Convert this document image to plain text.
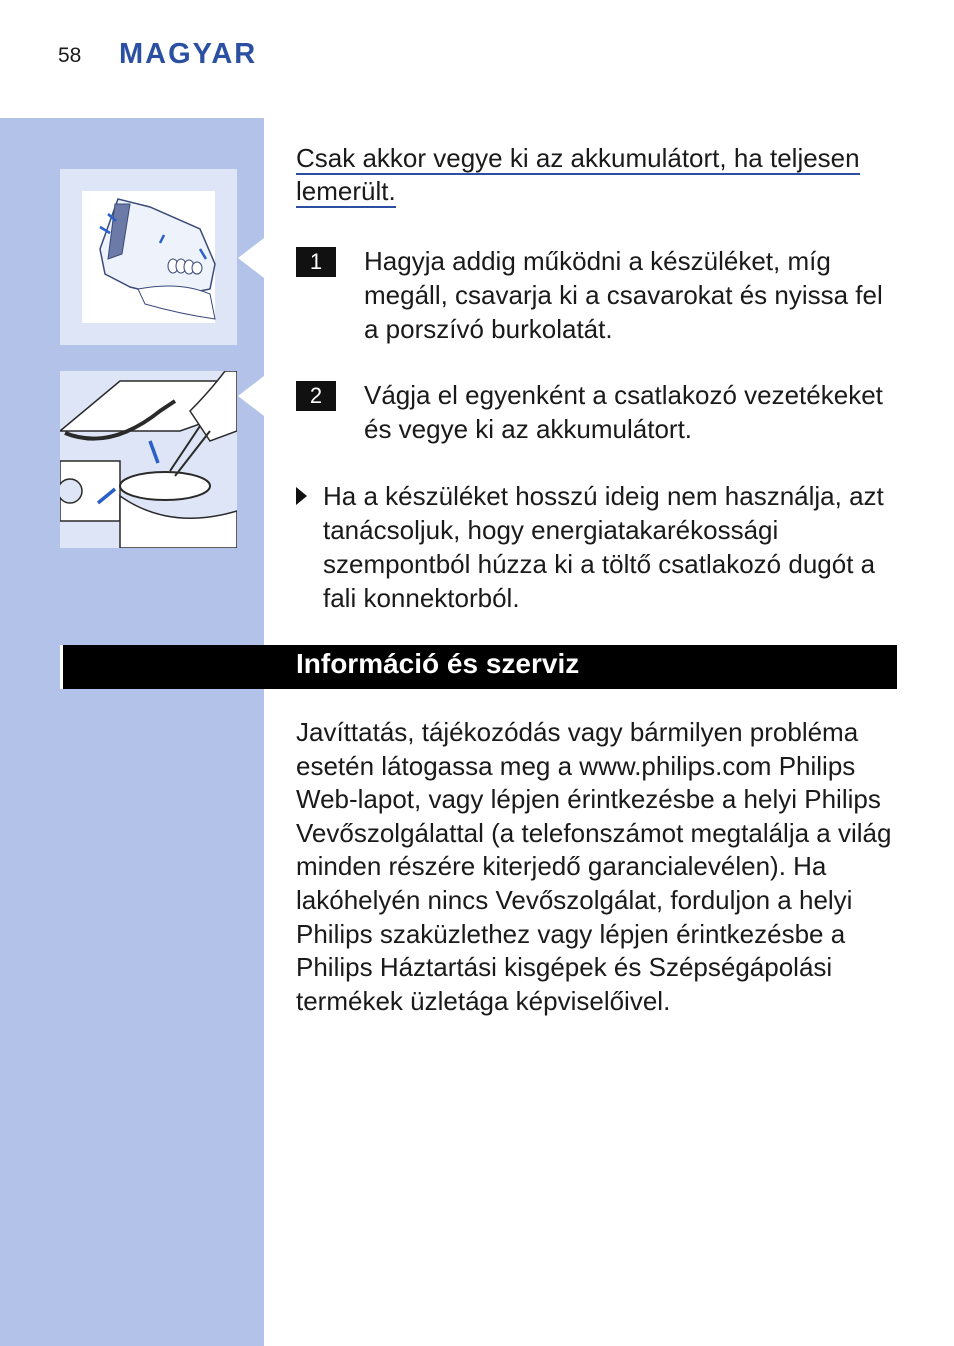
58 MAGYAR
Csak akkor vegye ki az akkumulátort, ha teljesen lemerült.
1	Hagyja addig működni a készüléket, míg megáll, csavarja ki a csavarokat és nyissa fel a porszívó burkolatát.
2	Vágja el egyenként a csatlakozó vezetékeket és vegye ki az akkumulátort.
Ha a készüléket hosszú ideig nem használja, azt tanácsoljuk, hogy energiatakarékossági szempontból húzza ki a töltő csatlakozó dugót a fali konnektorból.
Információ és szerviz
Javíttatás, tájékozódás vagy bármilyen probléma esetén látogassa meg a www.philips.com Philips Web-lapot, vagy lépjen érintkezésbe a helyi Philips Vevőszolgálattal (a telefonszámot megtalálja a világ minden részére kiterjedő garancialevélen). Ha lakóhelyén nincs Vevőszolgálat, forduljon a helyi Philips szaküzlethez vagy lépjen érintkezésbe a Philips Háztartási kisgépek és Szépségápolási termékek üzletága képviselőivel.
